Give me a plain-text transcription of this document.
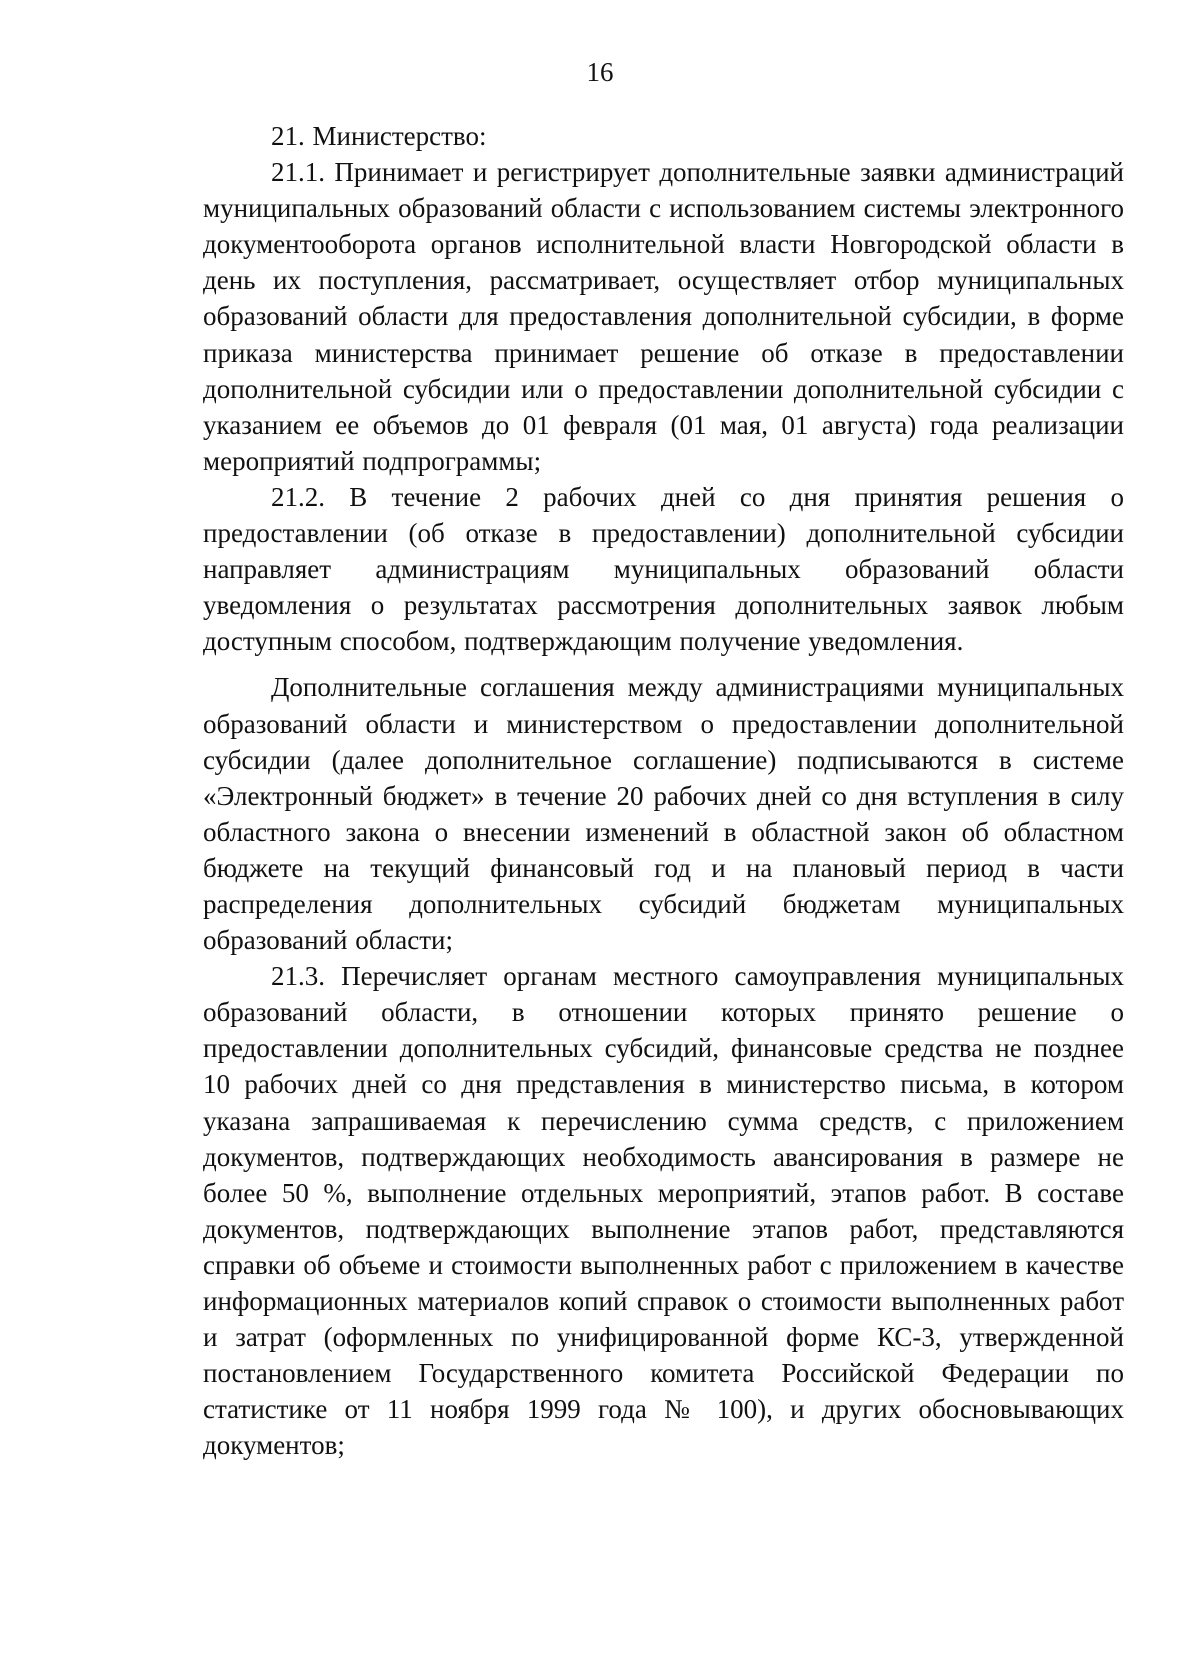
16

21. Министерство:

21.1. Принимает и регистрирует дополнительные заявки администраций муниципальных образований области с использованием системы электронного документооборота органов исполнительной власти Новгородской области в день их поступления, рассматривает, осуществляет отбор муниципальных образований области для предоставления дополнительной субсидии, в форме приказа министерства принимает решение об отказе в предоставлении дополнительной субсидии или о предоставлении дополнительной субсидии с указанием ее объемов до 01 февраля (01 мая, 01 августа) года реализации мероприятий подпрограммы;

21.2. В течение 2 рабочих дней со дня принятия решения о предоставлении (об отказе в предоставлении) дополнительной субсидии направляет администрациям муниципальных образований области уведомления о результатах рассмотрения дополнительных заявок любым доступным способом, подтверждающим получение уведомления.

Дополнительные соглашения между администрациями муниципальных образований области и министерством о предоставлении дополнительной субсидии (далее дополнительное соглашение) подписываются в системе «Электронный бюджет» в течение 20 рабочих дней со дня вступления в силу областного закона о внесении изменений в областной закон об областном бюджете на текущий финансовый год и на плановый период в части распределения дополнительных субсидий бюджетам муниципальных образований области;

21.3. Перечисляет органам местного самоуправления муниципальных образований области, в отношении которых принято решение о предоставлении дополнительных субсидий, финансовые средства не позднее 10 рабочих дней со дня представления в министерство письма, в котором указана запрашиваемая к перечислению сумма средств, с приложением документов, подтверждающих необходимость авансирования в размере не более 50 %, выполнение отдельных мероприятий, этапов работ. В составе документов, подтверждающих выполнение этапов работ, представляются справки об объеме и стоимости выполненных работ с приложением в качестве информационных материалов копий справок о стоимости выполненных работ и затрат (оформленных по унифицированной форме КС-3, утвержденной постановлением Государственного комитета Российской Федерации по статистике от 11 ноября 1999 года № 100), и других обосновывающих документов;
